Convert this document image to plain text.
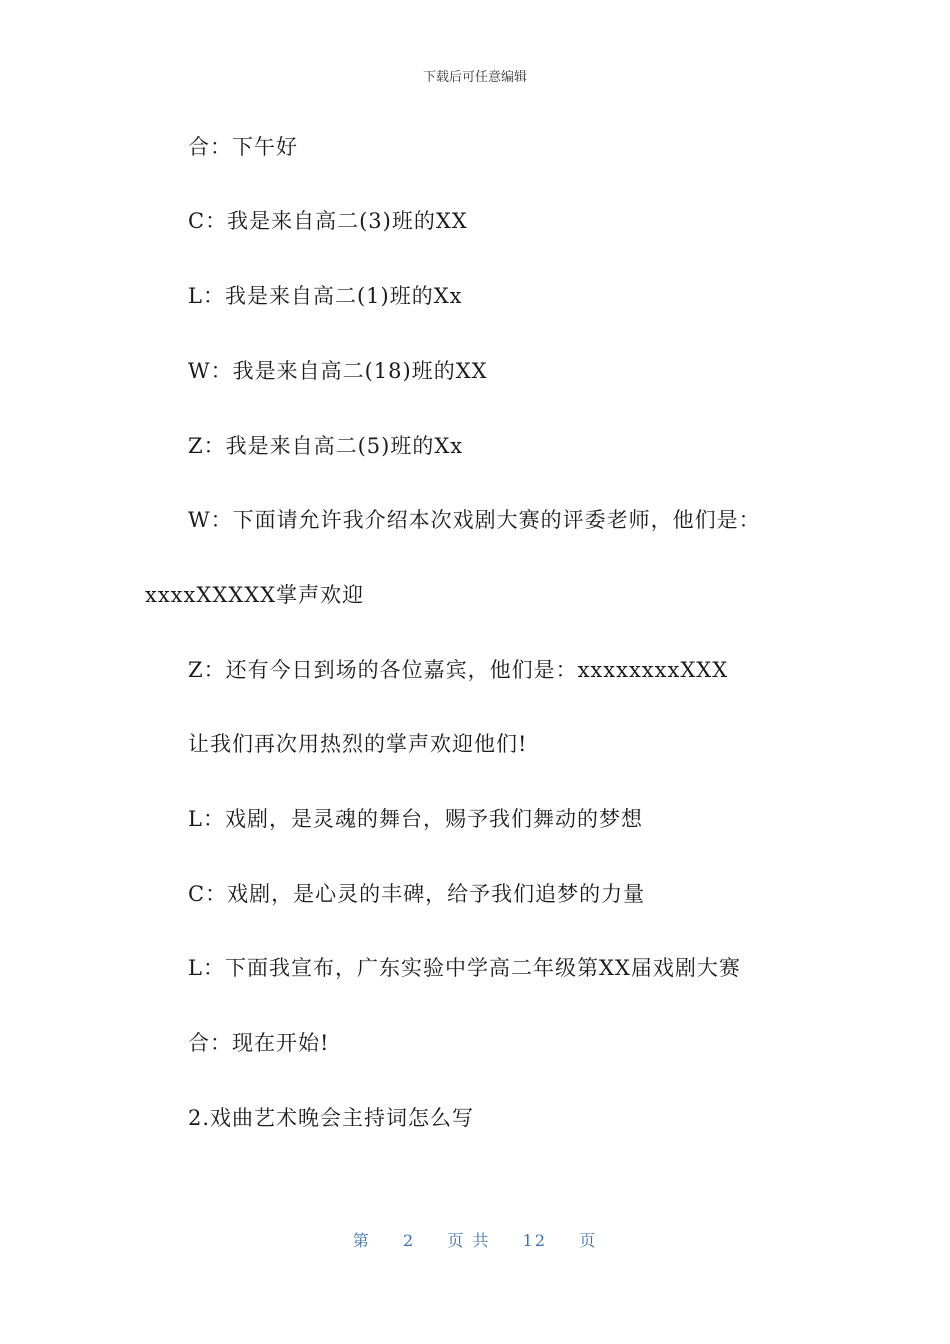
下载后可任意编辑
合：下午好
C：我是来自高二(3)班的XX
L：我是来自高二(1)班的Xx
W：我是来自高二(18)班的XX
Z：我是来自高二(5)班的Xx
W：下面请允许我介绍本次戏剧大赛的评委老师，他们是：
xxxxXXXXX掌声欢迎
Z：还有今日到场的各位嘉宾，他们是：xxxxxxxxXXX
让我们再次用热烈的掌声欢迎他们!
L：戏剧，是灵魂的舞台，赐予我们舞动的梦想
C：戏剧，是心灵的丰碑，给予我们追梦的力量
L：下面我宣布，广东实验中学高二年级第XX届戏剧大赛
合：现在开始!
2.戏曲艺术晚会主持词怎么写
第 2 页 共 12 页
